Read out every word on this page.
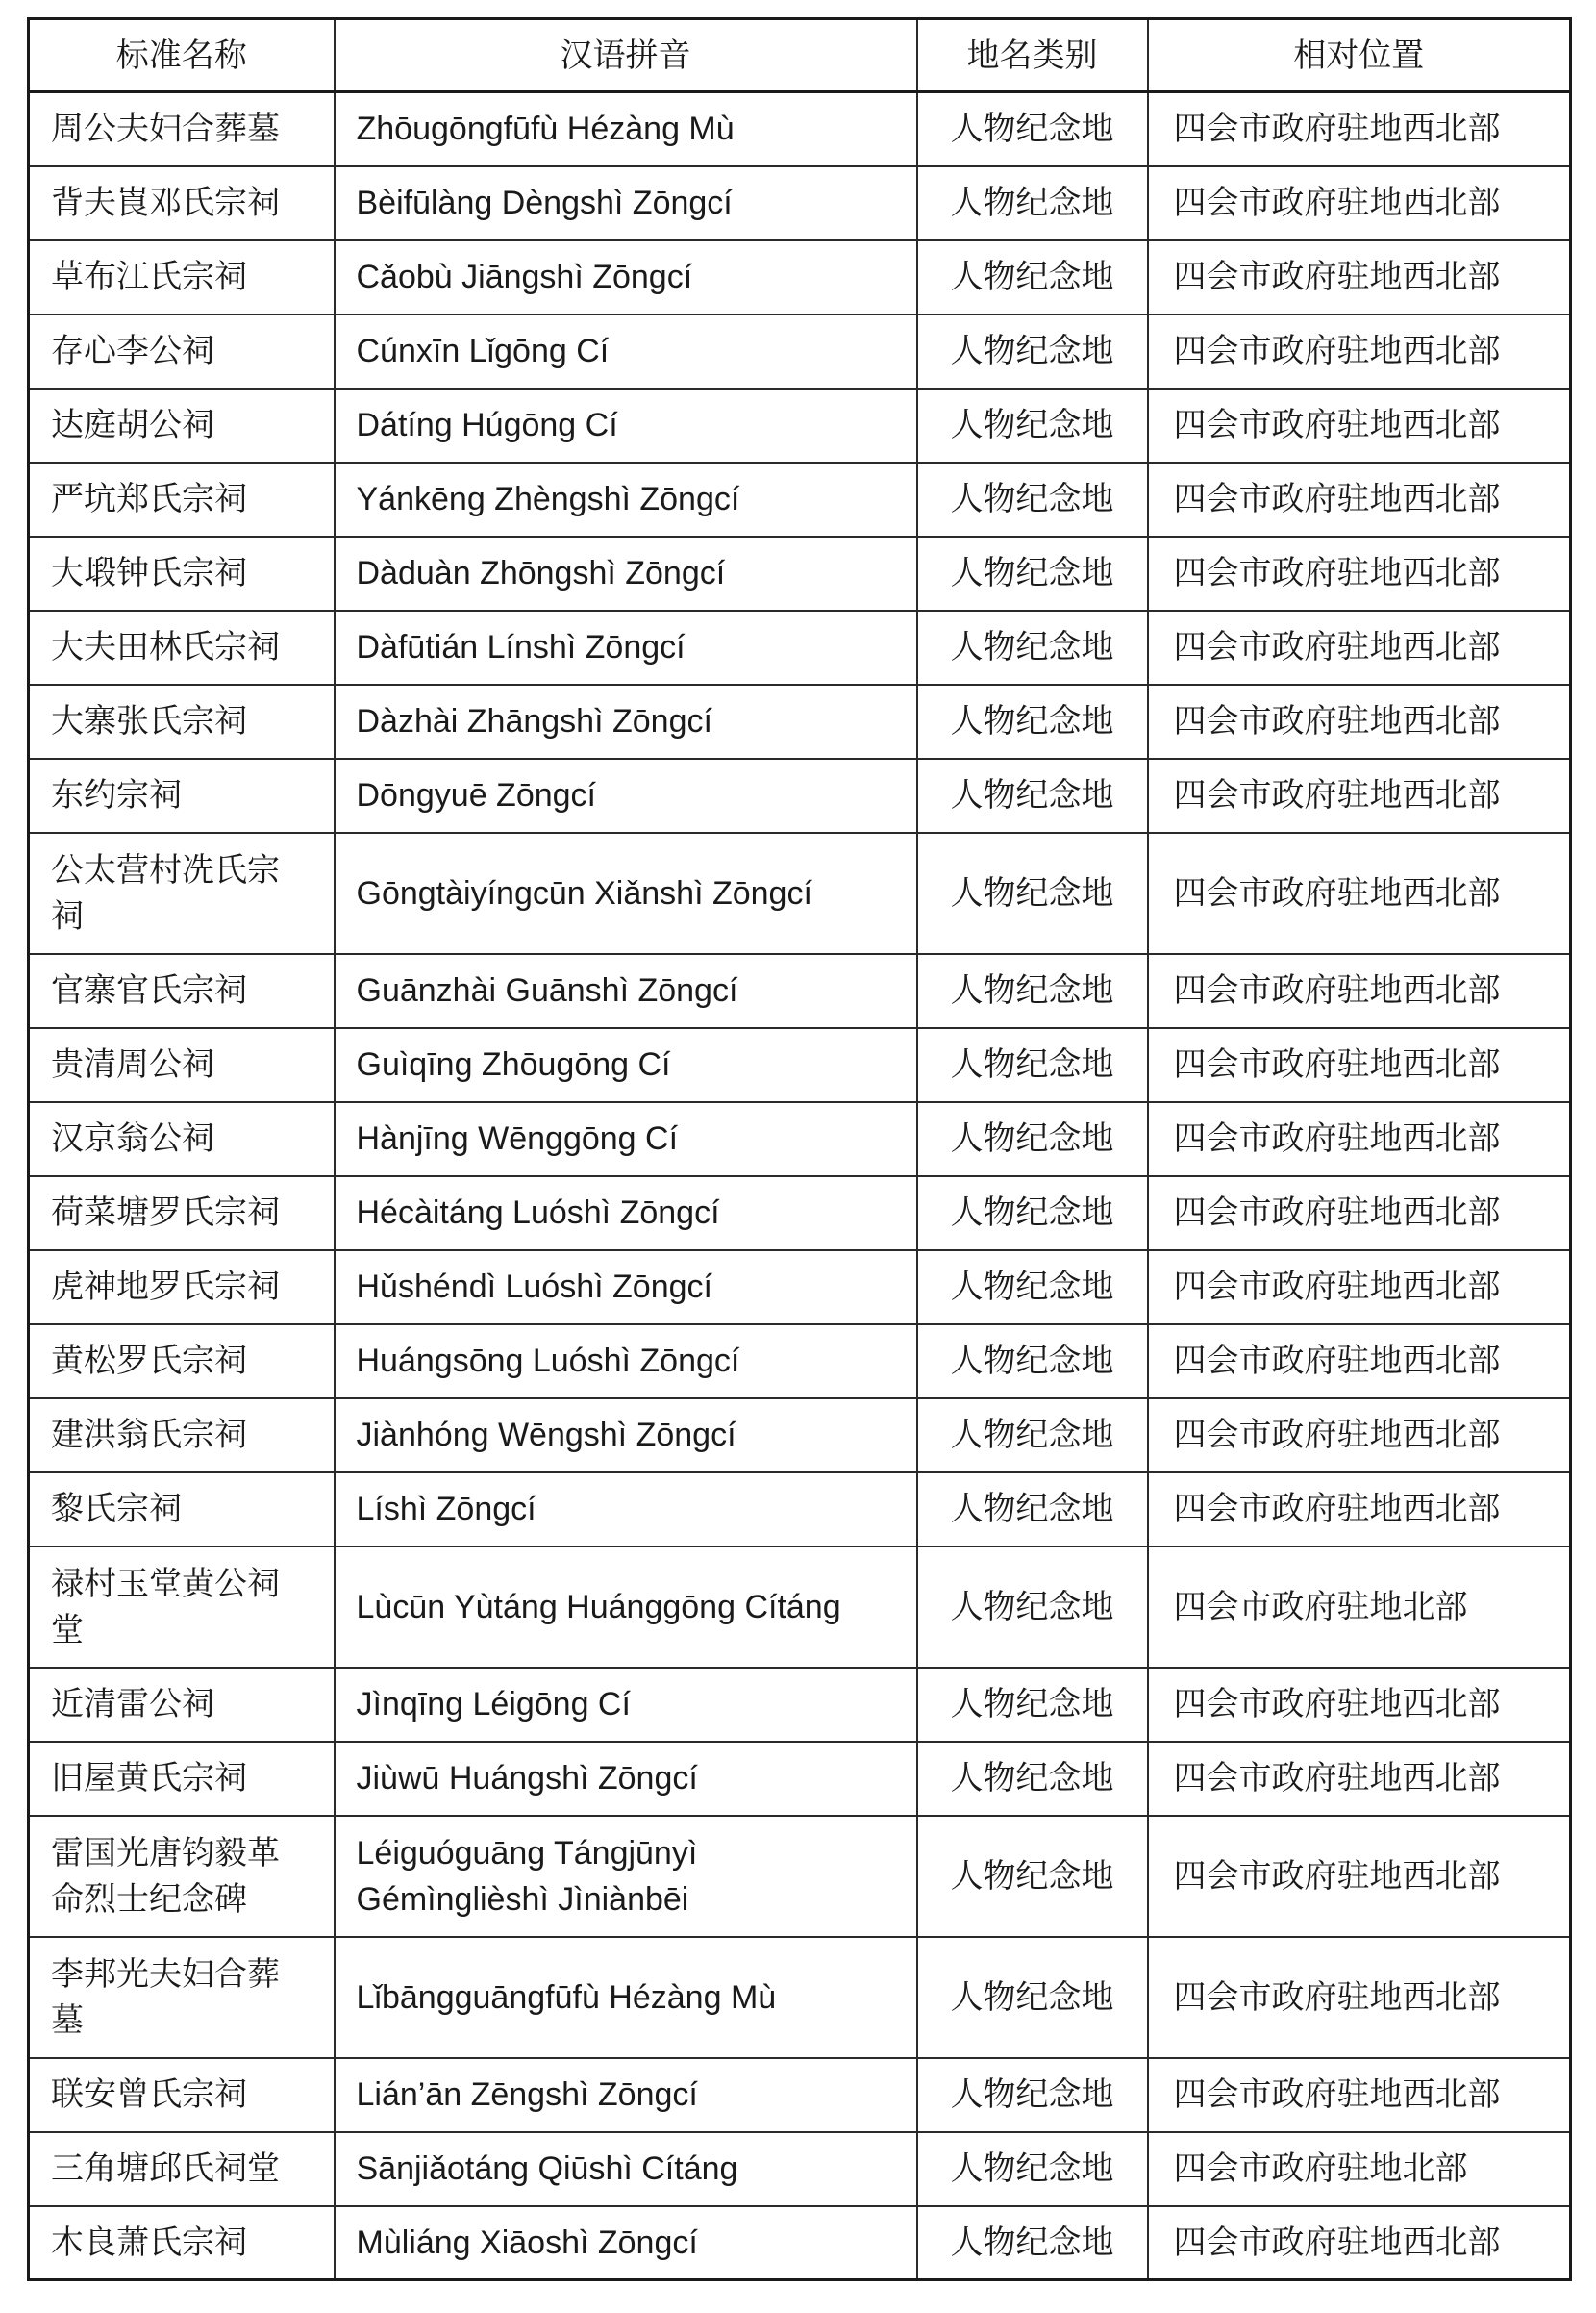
标准名称	汉语拼音	地名类别	相对位置
周公夫妇合葬墓	Zhōugōngfūfù Hézàng Mù	人物纪念地	四会市政府驻地西北部
背夫崀邓氏宗祠	Bèifūlàng Dèngshì Zōngcí	人物纪念地	四会市政府驻地西北部
草布江氏宗祠	Cǎobù Jiāngshì Zōngcí	人物纪念地	四会市政府驻地西北部
存心李公祠	Cúnxīn Lǐgōng Cí	人物纪念地	四会市政府驻地西北部
达庭胡公祠	Dátíng Húgōng Cí	人物纪念地	四会市政府驻地西北部
严坑郑氏宗祠	Yánkēng Zhèngshì Zōngcí	人物纪念地	四会市政府驻地西北部
大塅钟氏宗祠	Dàduàn Zhōngshì Zōngcí	人物纪念地	四会市政府驻地西北部
大夫田林氏宗祠	Dàfūtián Línshì Zōngcí	人物纪念地	四会市政府驻地西北部
大寨张氏宗祠	Dàzhài Zhāngshì Zōngcí	人物纪念地	四会市政府驻地西北部
东约宗祠	Dōngyuē Zōngcí	人物纪念地	四会市政府驻地西北部
公太营村冼氏宗祠	Gōngtàiyíngcūn Xiǎnshì Zōngcí	人物纪念地	四会市政府驻地西北部
官寨官氏宗祠	Guānzhài Guānshì Zōngcí	人物纪念地	四会市政府驻地西北部
贵清周公祠	Guìqīng Zhōugōng Cí	人物纪念地	四会市政府驻地西北部
汉京翁公祠	Hànjīng Wēnggōng Cí	人物纪念地	四会市政府驻地西北部
荷菜塘罗氏宗祠	Hécàitáng Luóshì Zōngcí	人物纪念地	四会市政府驻地西北部
虎神地罗氏宗祠	Hǔshéndì Luóshì Zōngcí	人物纪念地	四会市政府驻地西北部
黄松罗氏宗祠	Huángsōng Luóshì Zōngcí	人物纪念地	四会市政府驻地西北部
建洪翁氏宗祠	Jiànhóng Wēngshì Zōngcí	人物纪念地	四会市政府驻地西北部
黎氏宗祠	Líshì Zōngcí	人物纪念地	四会市政府驻地西北部
禄村玉堂黄公祠堂	Lùcūn Yùtáng Huánggōng Cítáng	人物纪念地	四会市政府驻地北部
近清雷公祠	Jìnqīng Léigōng Cí	人物纪念地	四会市政府驻地西北部
旧屋黄氏宗祠	Jiùwū Huángshì Zōngcí	人物纪念地	四会市政府驻地西北部
雷国光唐钧毅革命烈士纪念碑	Léiguóguāng Tángjūnyì Gémìnglièshì Jìniànbēi	人物纪念地	四会市政府驻地西北部
李邦光夫妇合葬墓	Lǐbāngguāngfūfù Hézàng Mù	人物纪念地	四会市政府驻地西北部
联安曾氏宗祠	Lián’ān Zēngshì Zōngcí	人物纪念地	四会市政府驻地西北部
三角塘邱氏祠堂	Sānjiǎotáng Qiūshì Cítáng	人物纪念地	四会市政府驻地北部
木良萧氏宗祠	Mùliáng Xiāoshì Zōngcí	人物纪念地	四会市政府驻地西北部
